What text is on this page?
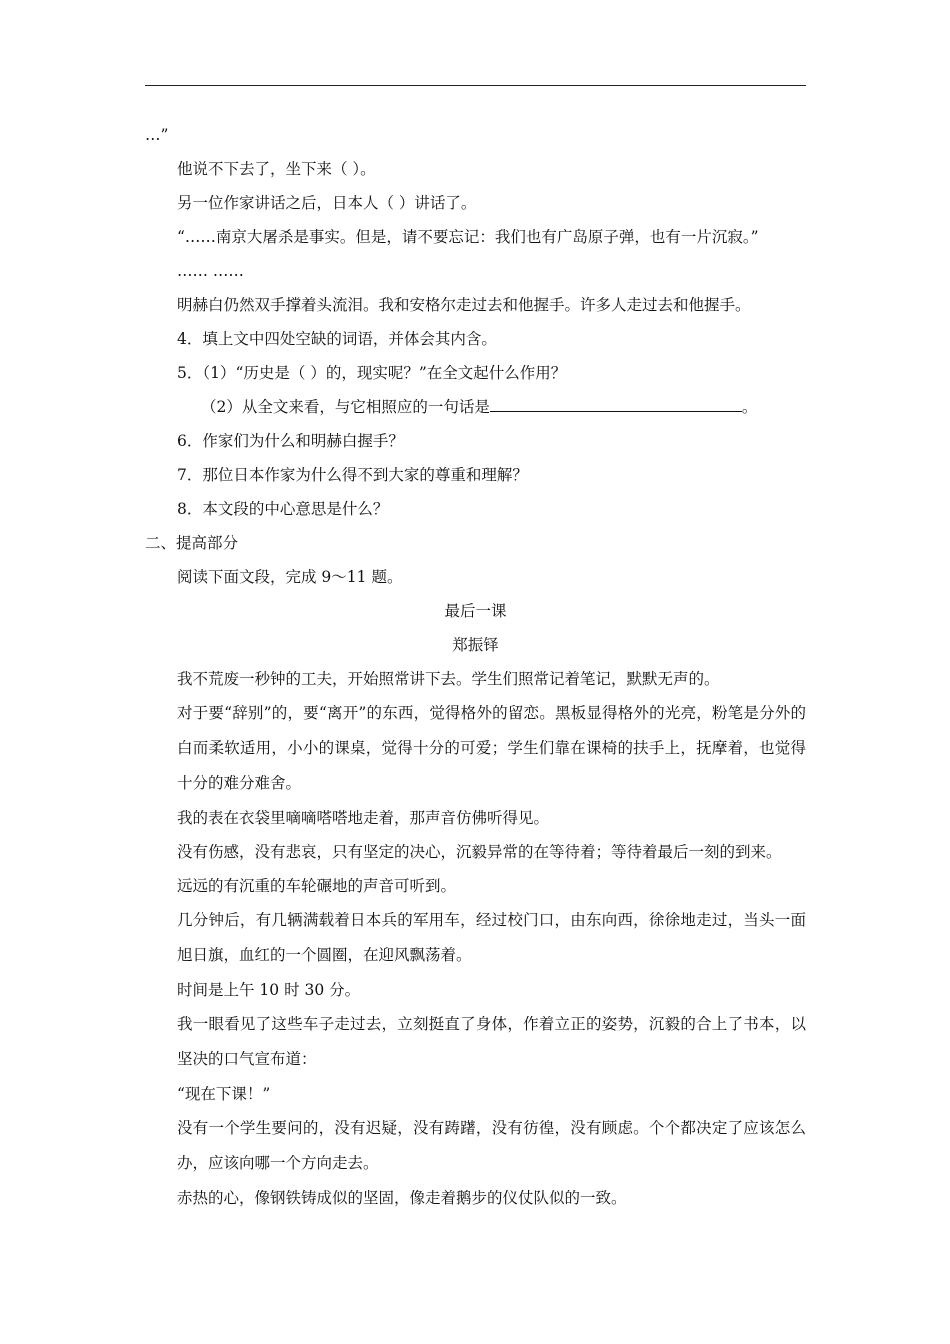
…”

他说不下去了，坐下来（ ）。

另一位作家讲话之后，日本人（ ）讲话了。

“……南京大屠杀是事实。但是，请不要忘记：我们也有广岛原子弹，也有一片沉寂。”

…… ……

明赫白仍然双手撑着头流泪。我和安格尔走过去和他握手。许多人走过去和他握手。

4．填上文中四处空缺的词语，并体会其内含。

5．（1）“历史是（ ）的，现实呢？”在全文起什么作用？

（2）从全文来看，与它相照应的一句话是	。

6．作家们为什么和明赫白握手？

7．那位日本作家为什么得不到大家的尊重和理解？

8．本文段的中心意思是什么？

二、提高部分

阅读下面文段，完成 9～11 题。

最后一课

郑振铎

我不荒废一秒钟的工夫，开始照常讲下去。学生们照常记着笔记，默默无声的。

对于要“辞别”的，要“离开”的东西，觉得格外的留恋。黑板显得格外的光亮，粉笔是分外的白而柔软适用，小小的课桌，觉得十分的可爱；学生们靠在课椅的扶手上，抚摩着，也觉得十分的难分难舍。

我的表在衣袋里嘀嘀嗒嗒地走着，那声音仿佛听得见。

没有伤感，没有悲哀，只有坚定的决心，沉毅异常的在等待着；等待着最后一刻的到来。

远远的有沉重的车轮碾地的声音可听到。

几分钟后，有几辆满载着日本兵的军用车，经过校门口，由东向西，徐徐地走过，当头一面旭日旗，血红的一个圆圈，在迎风飘荡着。

时间是上午 10 时 30 分。

我一眼看见了这些车子走过去，立刻挺直了身体，作着立正的姿势，沉毅的合上了书本，以坚决的口气宣布道：

“现在下课！”

没有一个学生要问的，没有迟疑，没有踌躇，没有彷徨，没有顾虑。个个都决定了应该怎么办，应该向哪一个方向走去。

赤热的心，像钢铁铸成似的坚固，像走着鹅步的仪仗队似的一致。
